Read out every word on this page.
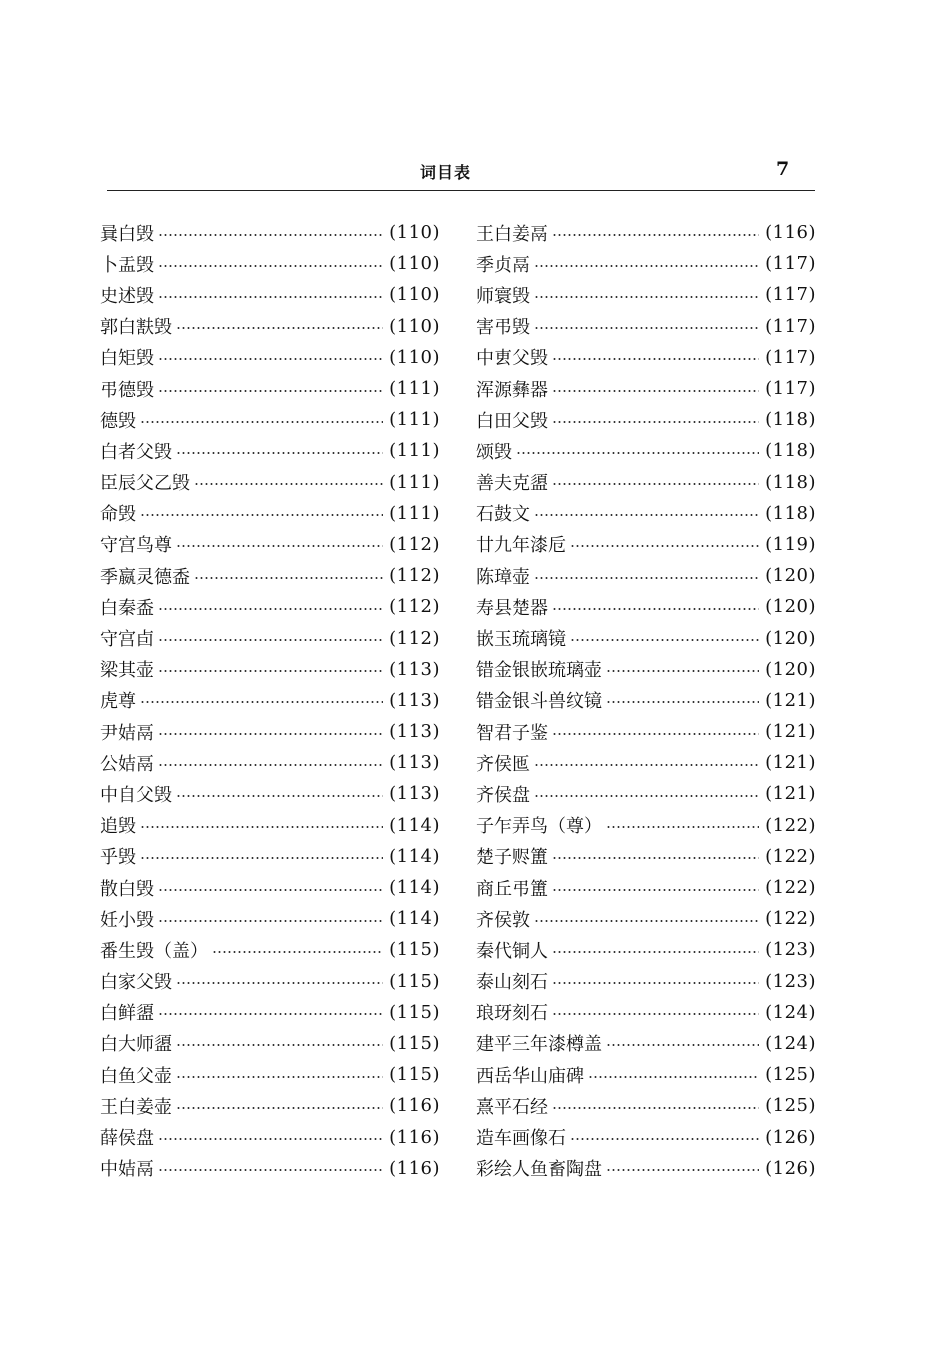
词目表	7
㠱白毁	(110)
卜盂毁	(110)
史述毁	(110)
郭白㝬毁	(110)
白矩毁	(110)
弔德毁	(111)
德毁	(111)
白者父毁	(111)
臣辰父乙毁	(111)
命毁	(111)
守宫鸟尊	(112)
季嬴灵德盉	(112)
白秦盉	(112)
守宫卣	(112)
梁其壶	(113)
虎尊	(113)
尹姞鬲	(113)
公姞鬲	(113)
中自父毁	(113)
追毁	(114)
乎毁	(114)
散白毁	(114)
妊小毁	(114)
番生毁（盖）	(115)
白家父毁	(115)
白鲜盨	(115)
白大师盨	(115)
白鱼父壶	(115)
王白姜壶	(116)
薛侯盘	(116)
中姞鬲	(116)
王白姜鬲	(116)
季贞鬲	(117)
师寰毁	(117)
害弔毁	(117)
中叀父毁	(117)
浑源彝器	(117)
白田父毁	(118)
颂毁	(118)
善夫克盨	(118)
石鼓文	(118)
廿九年漆卮	(119)
陈璋壶	(120)
寿县楚器	(120)
嵌玉琉璃镜	(120)
错金银嵌琉璃壶	(120)
错金银斗兽纹镜	(121)
智君子鉴	(121)
齐侯匜	(121)
齐侯盘	(121)
子乍弄鸟（尊）	(122)
楚子赆簠	(122)
商丘弔簠	(122)
齐侯敦	(122)
秦代铜人	(123)
泰山刻石	(123)
琅玡刻石	(124)
建平三年漆樽盖	(124)
西岳华山庙碑	(125)
熹平石经	(125)
造车画像石	(126)
彩绘人鱼畜陶盘	(126)
